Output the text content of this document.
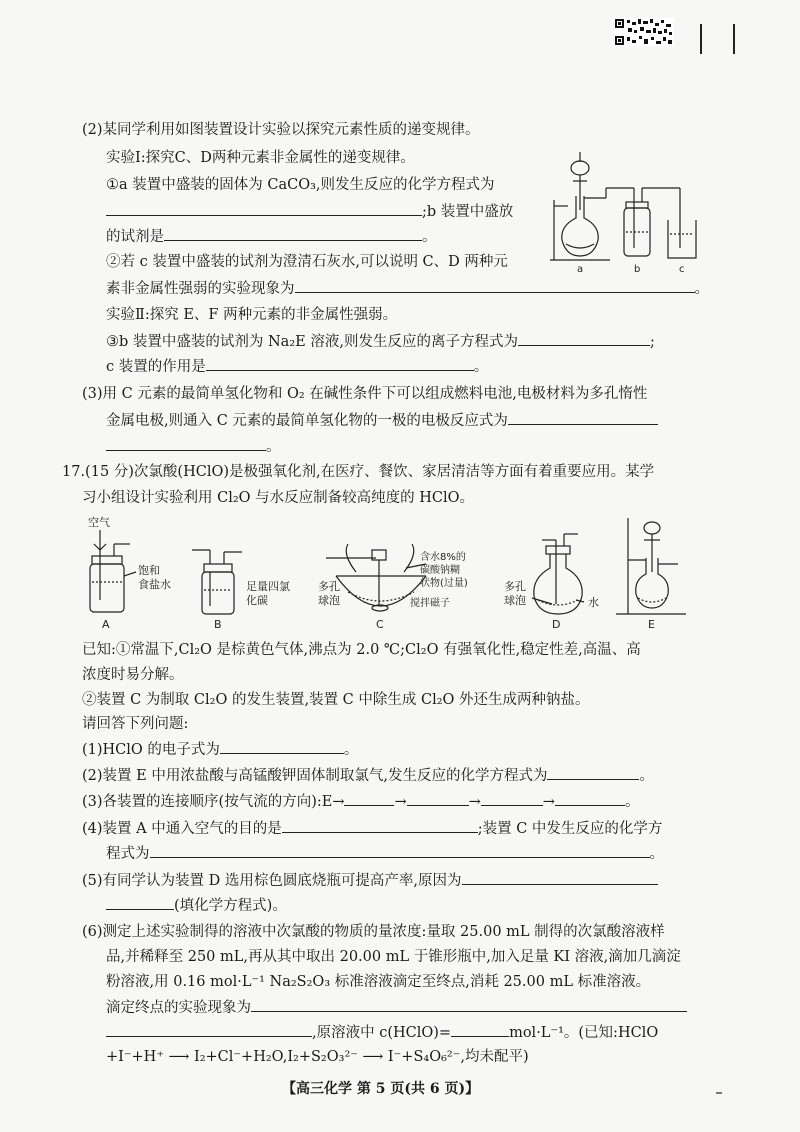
(2)某同学利用如图装置设计实验以探究元素性质的递变规律。
实验Ⅰ:探究C、D两种元素非金属性的递变规律。
①a 装置中盛装的固体为 CaCO₃,则发生反应的化学方程式为
;b 装置中盛放
的试剂是	。
②若 c 装置中盛装的试剂为澄清石灰水,可以说明 C、D 两种元
素非金属性强弱的实验现象为	。
实验Ⅱ:探究 E、F 两种元素的非金属性强弱。
③b 装置中盛装的试剂为 Na₂E 溶液,则发生反应的离子方程式为	;
c 装置的作用是	。
(3)用 C 元素的最简单氢化物和 O₂ 在碱性条件下可以组成燃料电池,电极材料为多孔惰性
金属电极,则通入 C 元素的最简单氢化物的一极的电极反应式为
。
a	b	c
17.(15 分)次氯酸(HClO)是极强氧化剂,在医疗、餐饮、家居清洁等方面有着重要应用。某学
习小组设计实验利用 Cl₂O 与水反应制备较高纯度的 HClO。
空气
饱和
食盐水
A
足量四氯
化碳
B
多孔
球泡
含水8%的
碳酸钠糊
状物(过量)
搅拌磁子
C
多孔
球泡	水
D	E
已知:①常温下,Cl₂O 是棕黄色气体,沸点为 2.0 ℃;Cl₂O 有强氧化性,稳定性差,高温、高
浓度时易分解。
②装置 C 为制取 Cl₂O 的发生装置,装置 C 中除生成 Cl₂O 外还生成两种钠盐。
请回答下列问题:
(1)HClO 的电子式为	。
(2)装置 E 中用浓盐酸与高锰酸钾固体制取氯气,发生反应的化学方程式为	。
(3)各装置的连接顺序(按气流的方向):E→	→	→	→	。
(4)装置 A 中通入空气的目的是	;装置 C 中发生反应的化学方
程式为	。
(5)有同学认为装置 D 选用棕色圆底烧瓶可提高产率,原因为
(填化学方程式)。
(6)测定上述实验制得的溶液中次氯酸的物质的量浓度:量取 25.00 mL 制得的次氯酸溶液样
品,并稀释至 250 mL,再从其中取出 20.00 mL 于锥形瓶中,加入足量 KI 溶液,滴加几滴淀
粉溶液,用 0.16 mol·L⁻¹ Na₂S₂O₃ 标准溶液滴定至终点,消耗 25.00 mL 标准溶液。
滴定终点的实验现象为
,原溶液中 c(HClO)=	mol·L⁻¹。(已知:HClO
+I⁻+H⁺ ⟶ I₂+Cl⁻+H₂O,I₂+S₂O₃²⁻ ⟶ I⁻+S₄O₆²⁻,均未配平)
【高三化学 第 5 页(共 6 页)】
